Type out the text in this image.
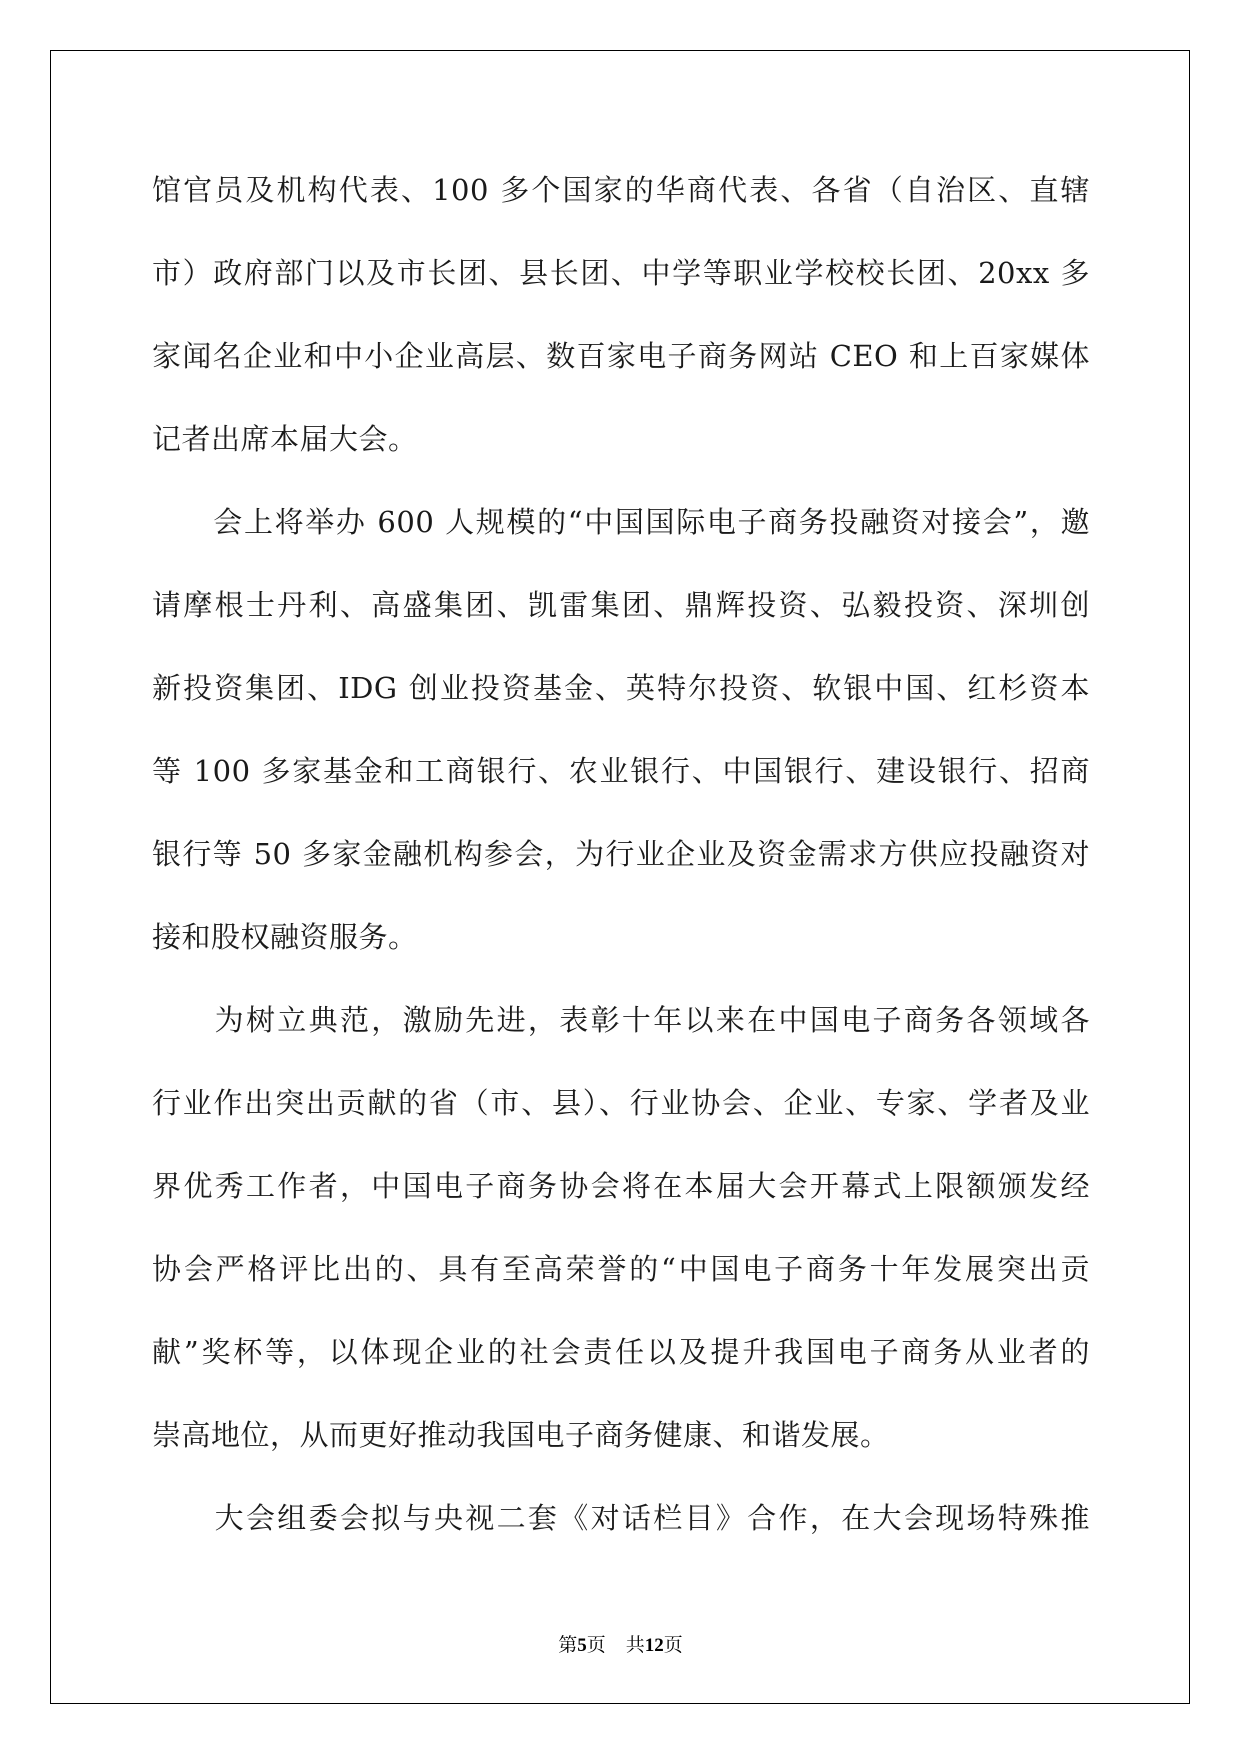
馆官员及机构代表、100 多个国家的华商代表、各省（自治区、直辖
市）政府部门以及市长团、县长团、中学等职业学校校长团、20xx 多
家闻名企业和中小企业高层、数百家电子商务网站 CEO 和上百家媒体
记者出席本届大会。
　　会上将举办 600 人规模的“中国国际电子商务投融资对接会”，邀
请摩根士丹利、高盛集团、凯雷集团、鼎辉投资、弘毅投资、深圳创
新投资集团、IDG 创业投资基金、英特尔投资、软银中国、红杉资本
等 100 多家基金和工商银行、农业银行、中国银行、建设银行、招商
银行等 50 多家金融机构参会，为行业企业及资金需求方供应投融资对
接和股权融资服务。
　　为树立典范，激励先进，表彰十年以来在中国电子商务各领域各
行业作出突出贡献的省（市、县）、行业协会、企业、专家、学者及业
界优秀工作者，中国电子商务协会将在本届大会开幕式上限额颁发经
协会严格评比出的、具有至高荣誉的“中国电子商务十年发展突出贡
献”奖杯等，以体现企业的社会责任以及提升我国电子商务从业者的
崇高地位，从而更好推动我国电子商务健康、和谐发展。
　　大会组委会拟与央视二套《对话栏目》合作，在大会现场特殊推
第5页 共12页
